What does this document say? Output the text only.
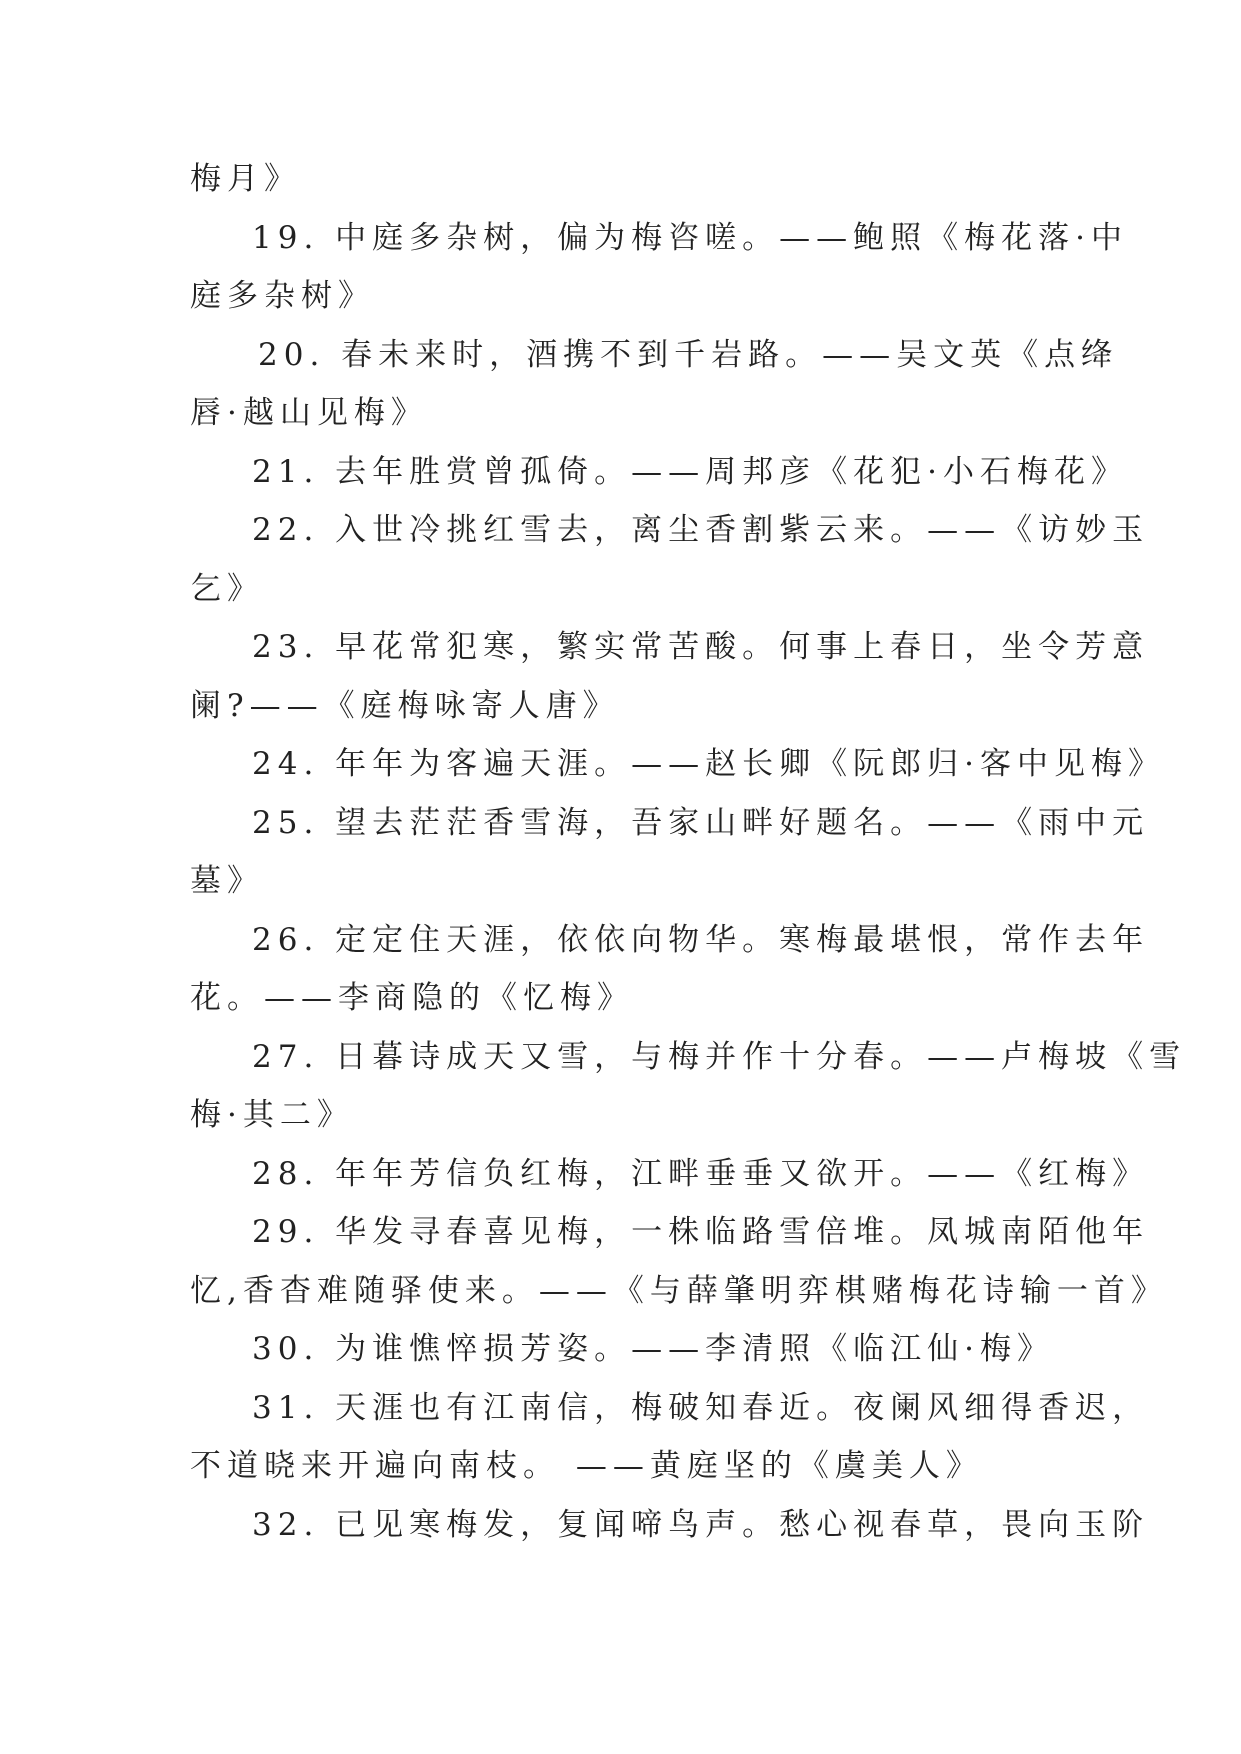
梅月》
19. 中庭多杂树，偏为梅咨嗟。——鲍照《梅花落·中
庭多杂树》
20. 春未来时，酒携不到千岩路。——吴文英《点绛
唇·越山见梅》
21. 去年胜赏曾孤倚。——周邦彦《花犯·小石梅花》
22. 入世冷挑红雪去，离尘香割紫云来。——《访妙玉
乞》
23. 早花常犯寒，繁实常苦酸。何事上春日，坐令芳意
阑?——《庭梅咏寄人唐》
24. 年年为客遍天涯。——赵长卿《阮郎归·客中见梅》
25. 望去茫茫香雪海，吾家山畔好题名。——《雨中元
墓》
26. 定定住天涯，依依向物华。寒梅最堪恨，常作去年
花。——李商隐的《忆梅》
27. 日暮诗成天又雪，与梅并作十分春。——卢梅坡《雪
梅·其二》
28. 年年芳信负红梅，江畔垂垂又欲开。——《红梅》
29. 华发寻春喜见梅，一株临路雪倍堆。凤城南陌他年
忆,香杳难随驿使来。——《与薛肇明弈棋赌梅花诗输一首》
30. 为谁憔悴损芳姿。——李清照《临江仙·梅》
31. 天涯也有江南信，梅破知春近。夜阑风细得香迟，
不道晓来开遍向南枝。 ——黄庭坚的《虞美人》
32. 已见寒梅发，复闻啼鸟声。愁心视春草，畏向玉阶
